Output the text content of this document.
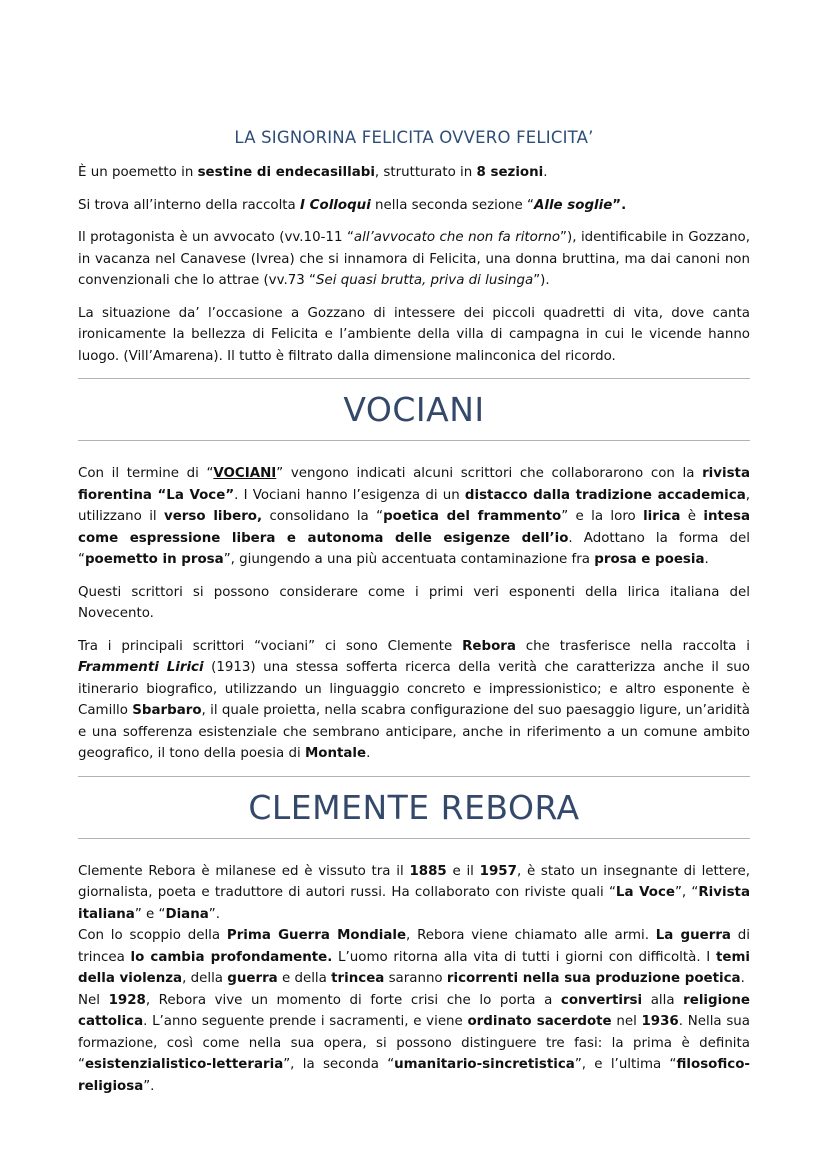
LA SIGNORINA FELICITA OVVERO FELICITA’

È un poemetto in sestine di endecasillabi, strutturato in 8 sezioni.

Si trova all’interno della raccolta I Colloqui nella seconda sezione “Alle soglie”.

Il protagonista è un avvocato (vv.10-11 “all’avvocato che non fa ritorno”), identificabile in Gozzano, in vacanza nel Canavese (Ivrea) che si innamora di Felicita, una donna bruttina, ma dai canoni non convenzionali che lo attrae (vv.73 “Sei quasi brutta, priva di lusinga”).

La situazione da’ l’occasione a Gozzano di intessere dei piccoli quadretti di vita, dove canta ironicamente la bellezza di Felicita e l’ambiente della villa di campagna in cui le vicende hanno luogo. (Vill’Amarena). Il tutto è filtrato dalla dimensione malinconica del ricordo.

VOCIANI

Con il termine di “VOCIANI” vengono indicati alcuni scrittori che collaborarono con la rivista fiorentina “La Voce”. I Vociani hanno l’esigenza di un distacco dalla tradizione accademica, utilizzano il verso libero, consolidano la “poetica del frammento” e la loro lirica è intesa come espressione libera e autonoma delle esigenze dell’io. Adottano la forma del “poemetto in prosa”, giungendo a una più accentuata contaminazione fra prosa e poesia.

Questi scrittori si possono considerare come i primi veri esponenti della lirica italiana del Novecento.

Tra i principali scrittori “vociani” ci sono Clemente Rebora che trasferisce nella raccolta i Frammenti Lirici (1913) una stessa sofferta ricerca della verità che caratterizza anche il suo itinerario biografico, utilizzando un linguaggio concreto e impressionistico; e altro esponente è Camillo Sbarbaro, il quale proietta, nella scabra configurazione del suo paesaggio ligure, un’aridità e una sofferenza esistenziale che sembrano anticipare, anche in riferimento a un comune ambito geografico, il tono della poesia di Montale.

CLEMENTE REBORA

Clemente Rebora è milanese ed è vissuto tra il 1885 e il 1957, è stato un insegnante di lettere, giornalista, poeta e traduttore di autori russi. Ha collaborato con riviste quali “La Voce”, “Rivista italiana” e “Diana”.

Con lo scoppio della Prima Guerra Mondiale, Rebora viene chiamato alle armi. La guerra di trincea lo cambia profondamente. L’uomo ritorna alla vita di tutti i giorni con difficoltà. I temi della violenza, della guerra e della trincea saranno ricorrenti nella sua produzione poetica.

Nel 1928, Rebora vive un momento di forte crisi che lo porta a convertirsi alla religione cattolica. L’anno seguente prende i sacramenti, e viene ordinato sacerdote nel 1936. Nella sua formazione, così come nella sua opera, si possono distinguere tre fasi: la prima è definita “esistenzialistico-letteraria”, la seconda “umanitario-sincretistica”, e l’ultima “filosofico-religiosa”.
